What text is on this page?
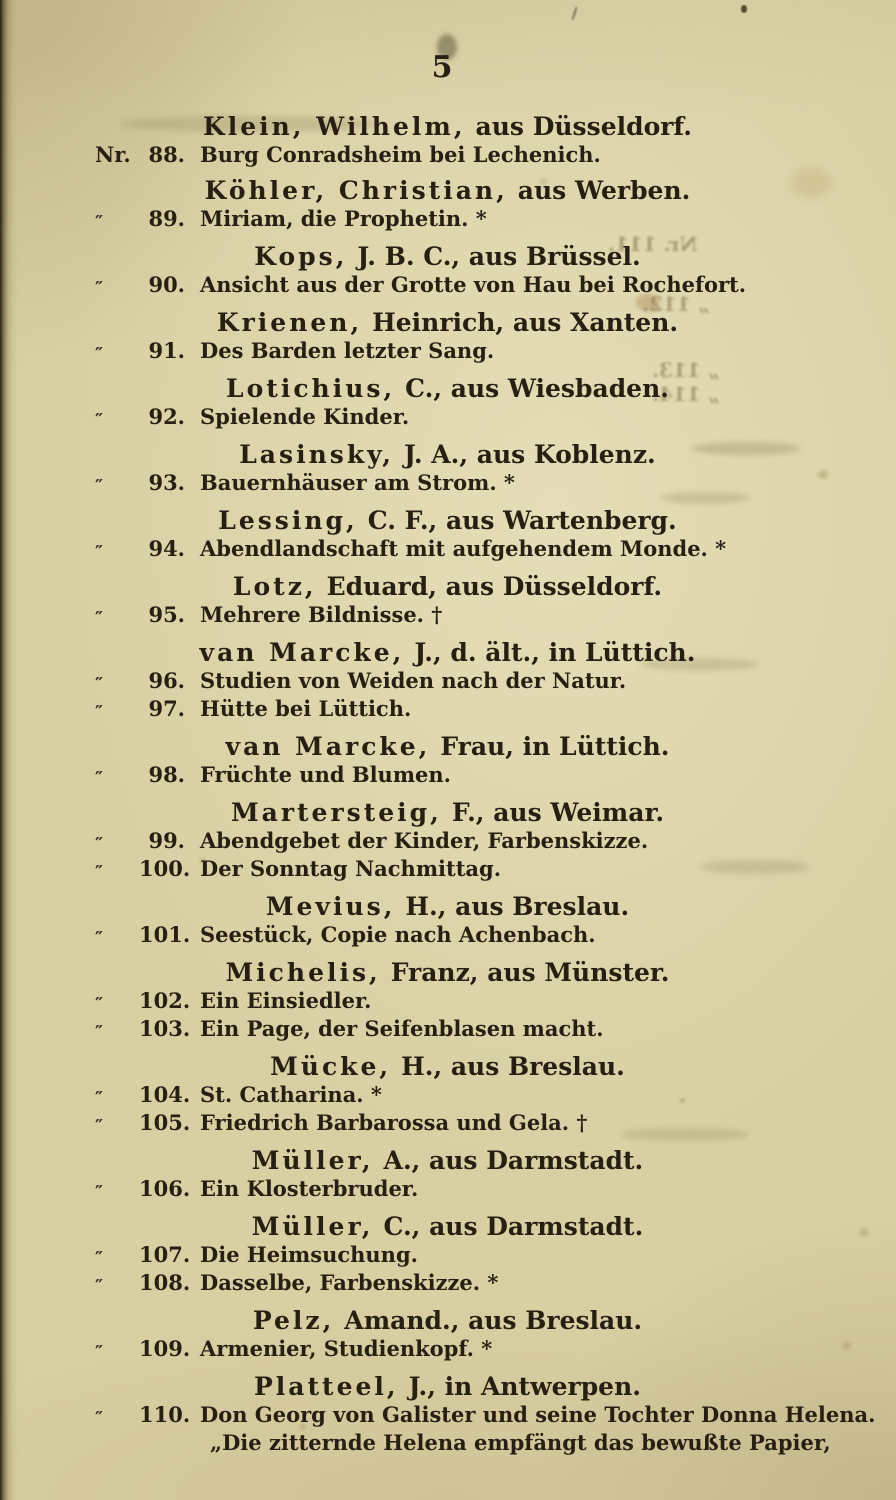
Nr. 111.
„ 112.
„ 113.
„ 114.
5
Klein, Wilhelm, aus Düsseldorf.
Nr. 88. Burg Conradsheim bei Lechenich.
Köhler, Christian, aus Werben.
″	89. Miriam, die Prophetin. *
Kops, J. B. C., aus Brüssel.
″	90. Ansicht aus der Grotte von Hau bei Rochefort.
Krienen, Heinrich, aus Xanten.
″	91. Des Barden letzter Sang.
Lotichius, C., aus Wiesbaden.
″	92. Spielende Kinder.
Lasinsky, J. A., aus Koblenz.
″	93. Bauernhäuser am Strom. *
Lessing, C. F., aus Wartenberg.
″	94. Abendlandschaft mit aufgehendem Monde. *
Lotz, Eduard, aus Düsseldorf.
″	95. Mehrere Bildnisse. †
van Marcke, J., d. ält., in Lüttich.
″	96. Studien von Weiden nach der Natur.
″	97. Hütte bei Lüttich.
van Marcke, Frau, in Lüttich.
″	98. Früchte und Blumen.
Martersteig, F., aus Weimar.
″	99. Abendgebet der Kinder, Farbenskizze.
″	100. Der Sonntag Nachmittag.
Mevius, H., aus Breslau.
″	101. Seestück, Copie nach Achenbach.
Michelis, Franz, aus Münster.
″	102. Ein Einsiedler.
″	103. Ein Page, der Seifenblasen macht.
Mücke, H., aus Breslau.
″	104. St. Catharina. *
″	105. Friedrich Barbarossa und Gela. †
Müller, A., aus Darmstadt.
″	106. Ein Klosterbruder.
Müller, C., aus Darmstadt.
″	107. Die Heimsuchung.
″	108. Dasselbe, Farbenskizze. *
Pelz, Amand., aus Breslau.
″	109. Armenier, Studienkopf. *
Platteel, J., in Antwerpen.
″	110. Don Georg von Galister und seine Tochter Donna Helena.
„Die zitternde Helena empfängt das bewußte Papier,
